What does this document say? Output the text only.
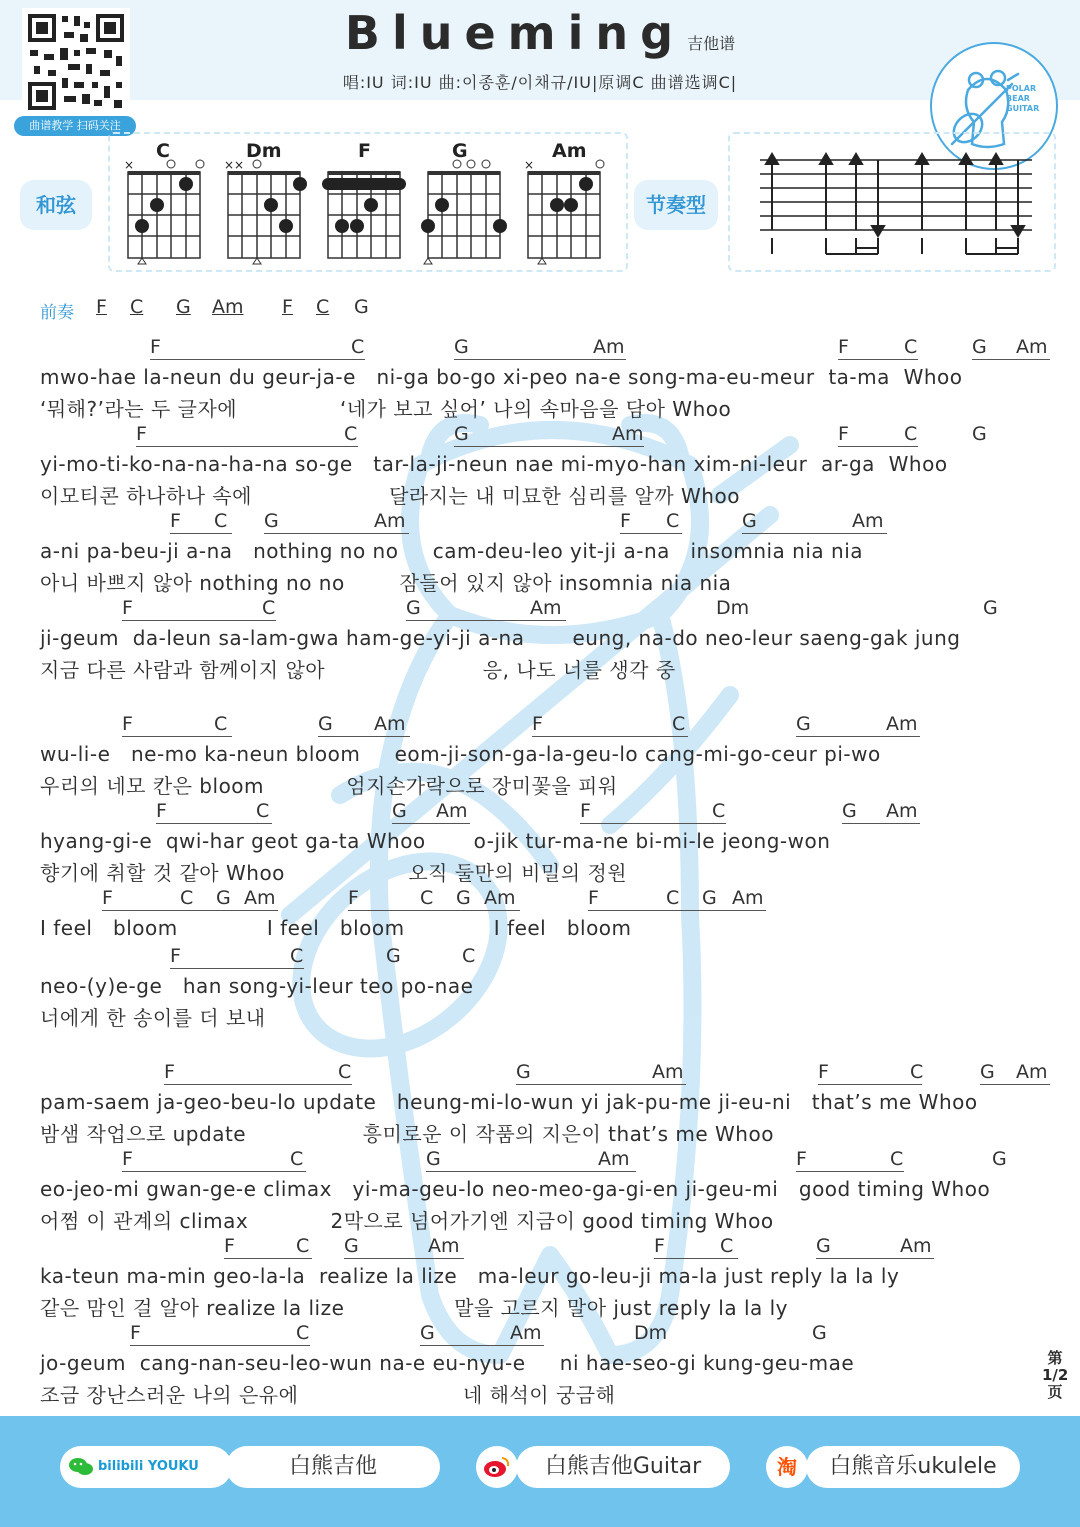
曲谱教学 扫码关注
Blueming 吉他谱
唱:IU 词:IU 曲:이종훈/이채규/IU|原调C 曲谱选调C|	POLAR BEAR GUITAR
和弦
C
×
Dm
××
F	G	Am
×
节奏型
前奏 F C G Am F C G
F	C	G	Am	F	C	G Am
mwo-hae la-neun du geur-ja-e   ni-ga bo-go xi-peo na-e song-ma-eu-meur  ta-ma  Whoo
‘뭐해?’라는 두 글자에               ‘네가 보고 싶어’ 나의 속마음을 담아 Whoo
F	C	G	Am	F	C	G
yi-mo-ti-ko-na-na-ha-na so-ge   tar-la-ji-neun nae mi-myo-han xim-ni-leur  ar-ga  Whoo
이모티콘 하나하나 속에                    달라지는 내 미묘한 심리를 알까 Whoo
F C G	Am	F C	G	Am
a-ni pa-beu-ji a-na   nothing no no     cam-deu-leo yit-ji a-na   insomnia nia nia
아니 바쁘지 않아 nothing no no        잠들어 있지 않아 insomnia nia nia
F	C	G	Am	Dm	G
ji-geum  da-leun sa-lam-gwa ham-ge-yi-ji a-na       eung, na-do neo-leur saeng-gak jung
지금 다른 사람과 함께이지 않아                       응, 나도 너를 생각 중
F	C	G Am	F	C	G	Am
wu-li-e   ne-mo ka-neun bloom     eom-ji-son-ga-la-geu-lo cang-mi-go-ceur pi-wo
우리의 네모 칸은 bloom            엄지손가락으로 장미꽃을 피워
F	C	G Am	F	C	G Am
hyang-gi-e  qwi-har geot ga-ta Whoo       o-jik tur-ma-ne bi-mi-le jeong-won
향기에 취할 것 같아 Whoo                  오직 둘만의 비밀의 정원
F	C G Am	F	C G Am	F	C G Am
I feel   bloom             I feel   bloom             I feel   bloom
F	C	G	C
neo-(y)e-ge   han song-yi-leur teo po-nae
너에게 한 송이를 더 보내
F	C	G	Am	F	C	G Am
pam-saem ja-geo-beu-lo update   heung-mi-lo-wun yi jak-pu-me ji-eu-ni   that’s me Whoo
밤샘 작업으로 update                 흥미로운 이 작품의 지은이 that’s me Whoo
F	C	G	Am	F	C	G
eo-jeo-mi gwan-ge-e climax   yi-ma-geu-lo neo-meo-ga-gi-en ji-geu-mi   good timing Whoo
어쩜 이 관계의 climax            2막으로 넘어가기엔 지금이 good timing Whoo
F	C G	Am	F	C	G	Am
ka-teun ma-min geo-la-la  realize la lize   ma-leur go-leu-ji ma-la just reply la la ly
같은 맘인 걸 알아 realize la lize                말을 고르지 말아 just reply la la ly
F	C	G	Am	Dm	G
jo-geum  cang-nan-seu-leo-wun na-e eu-nyu-e     ni hae-seo-gi kung-geu-mae
조금 장난스러운 나의 은유에                        네 해석이 궁금해
第
1/2
页
bilibili YOUKU	白熊吉他	白熊吉他Guitar	淘	白熊音乐ukulele
